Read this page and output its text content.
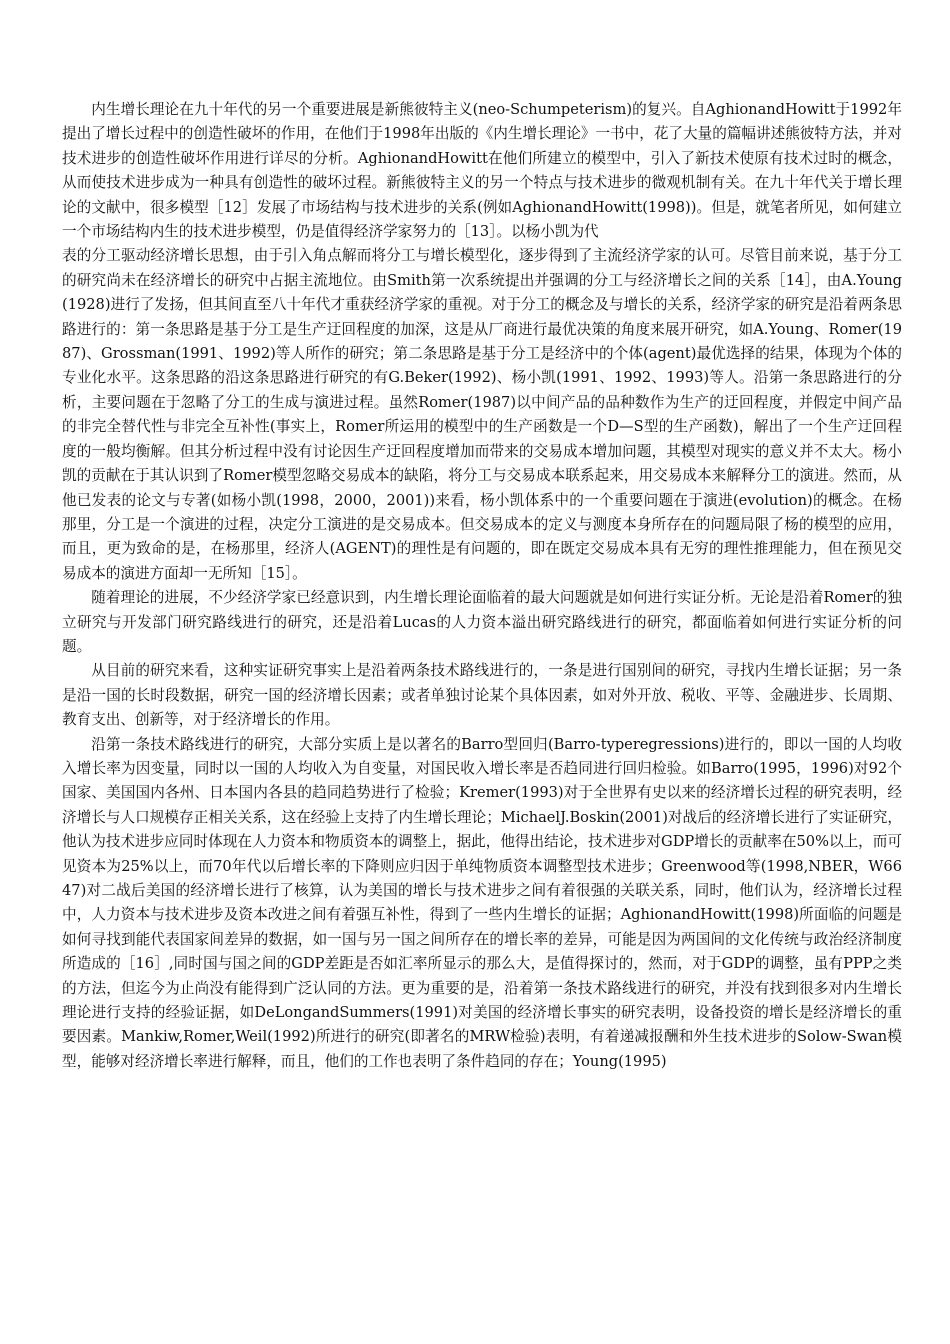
内生增长理论在九十年代的另一个重要进展是新熊彼特主义(neo-Schumpeterism)的复兴。自AghionandHowitt于1992年提出了增长过程中的创造性破坏的作用，在他们于1998年出版的《内生增长理论》一书中，花了大量的篇幅讲述熊彼特方法，并对技术进步的创造性破坏作用进行详尽的分析。AghionandHowitt在他们所建立的模型中，引入了新技术使原有技术过时的概念，从而使技术进步成为一种具有创造性的破坏过程。新熊彼特主义的另一个特点与技术进步的微观机制有关。在九十年代关于增长理论的文献中，很多模型［12］发展了市场结构与技术进步的关系(例如AghionandHowitt(1998))。但是，就笔者所见，如何建立一个市场结构内生的技术进步模型，仍是值得经济学家努力的［13］。以杨小凯为代

表的分工驱动经济增长思想，由于引入角点解而将分工与增长模型化，逐步得到了主流经济学家的认可。尽管目前来说，基于分工的研究尚未在经济增长的研究中占据主流地位。由Smith第一次系统提出并强调的分工与经济增长之间的关系［14］，由A.Young(1928)进行了发扬，但其间直至八十年代才重获经济学家的重视。对于分工的概念及与增长的关系，经济学家的研究是沿着两条思路进行的：第一条思路是基于分工是生产迂回程度的加深，这是从厂商进行最优决策的角度来展开研究，如A.Young、Romer(1987)、Grossman(1991、1992)等人所作的研究；第二条思路是基于分工是经济中的个体(agent)最优选择的结果，体现为个体的专业化水平。这条思路的沿这条思路进行研究的有G.Beker(1992)、杨小凯(1991、1992、1993)等人。沿第一条思路进行的分析，主要问题在于忽略了分工的生成与演进过程。虽然Romer(1987)以中间产品的品种数作为生产的迂回程度，并假定中间产品的非完全替代性与非完全互补性(事实上，Romer所运用的模型中的生产函数是一个D—S型的生产函数)，解出了一个生产迂回程度的一般均衡解。但其分析过程中没有讨论因生产迂回程度增加而带来的交易成本增加问题，其模型对现实的意义并不太大。杨小凯的贡献在于其认识到了Romer模型忽略交易成本的缺陷，将分工与交易成本联系起来，用交易成本来解释分工的演进。然而，从他已发表的论文与专著(如杨小凯(1998，2000，2001))来看，杨小凯体系中的一个重要问题在于演进(evolution)的概念。在杨那里，分工是一个演进的过程，决定分工演进的是交易成本。但交易成本的定义与测度本身所存在的问题局限了杨的模型的应用，而且，更为致命的是，在杨那里，经济人(AGENT)的理性是有问题的，即在既定交易成本具有无穷的理性推理能力，但在预见交易成本的演进方面却一无所知［15］。

随着理论的进展，不少经济学家已经意识到，内生增长理论面临着的最大问题就是如何进行实证分析。无论是沿着Romer的独立研究与开发部门研究路线进行的研究，还是沿着Lucas的人力资本溢出研究路线进行的研究，都面临着如何进行实证分析的问题。

从目前的研究来看，这种实证研究事实上是沿着两条技术路线进行的，一条是进行国别间的研究，寻找内生增长证据；另一条是沿一国的长时段数据，研究一国的经济增长因素；或者单独讨论某个具体因素，如对外开放、税收、平等、金融进步、长周期、教育支出、创新等，对于经济增长的作用。

沿第一条技术路线进行的研究，大部分实质上是以著名的Barro型回归(Barro-typeregressions)进行的，即以一国的人均收入增长率为因变量，同时以一国的人均收入为自变量，对国民收入增长率是否趋同进行回归检验。如Barro(1995，1996)对92个国家、美国国内各州、日本国内各县的趋同趋势进行了检验；Kremer(1993)对于全世界有史以来的经济增长过程的研究表明，经济增长与人口规模存正相关关系，这在经验上支持了内生增长理论；MichaelJ.Boskin(2001)对战后的经济增长进行了实证研究，他认为技术进步应同时体现在人力资本和物质资本的调整上，据此，他得出结论，技术进步对GDP增长的贡献率在50%以上，而可见资本为25%以上，而70年代以后增长率的下降则应归因于单纯物质资本调整型技术进步；Greenwood等(1998,NBER，W6647)对二战后美国的经济增长进行了核算，认为美国的增长与技术进步之间有着很强的关联关系，同时，他们认为，经济增长过程中，人力资本与技术进步及资本改进之间有着强互补性，得到了一些内生增长的证据；AghionandHowitt(1998)所面临的问题是如何寻找到能代表国家间差异的数据，如一国与另一国之间所存在的增长率的差异，可能是因为两国间的文化传统与政治经济制度所造成的［16］,同时国与国之间的GDP差距是否如汇率所显示的那么大，是值得探讨的，然而，对于GDP的调整，虽有PPP之类的方法，但迄今为止尚没有能得到广泛认同的方法。更为重要的是，沿着第一条技术路线进行的研究，并没有找到很多对内生增长理论进行支持的经验证据，如DeLongandSummers(1991)对美国的经济增长事实的研究表明，设备投资的增长是经济增长的重要因素。Mankiw,Romer,Weil(1992)所进行的研究(即著名的MRW检验)表明，有着递减报酬和外生技术进步的Solow-Swan模型，能够对经济增长率进行解释，而且，他们的工作也表明了条件趋同的存在；Young(1995)
